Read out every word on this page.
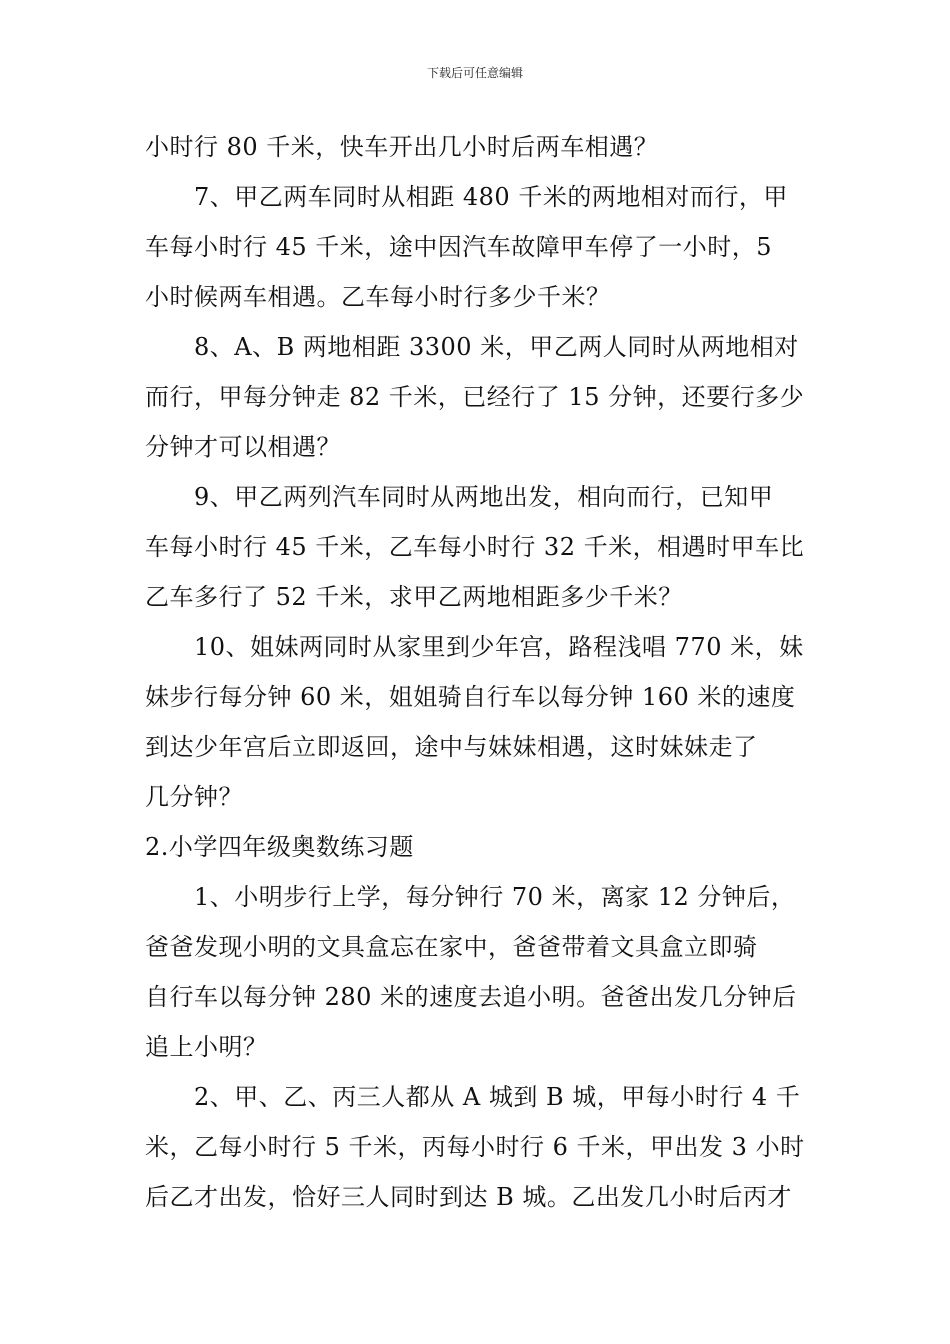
下载后可任意编辑
小时行 80 千米，快车开出几小时后两车相遇？
7、甲乙两车同时从相距 480 千米的两地相对而行，甲
车每小时行 45 千米，途中因汽车故障甲车停了一小时，5
小时候两车相遇。乙车每小时行多少千米？
8、A、B 两地相距 3300 米，甲乙两人同时从两地相对
而行，甲每分钟走 82 千米，已经行了 15 分钟，还要行多少
分钟才可以相遇？
9、甲乙两列汽车同时从两地出发，相向而行，已知甲
车每小时行 45 千米，乙车每小时行 32 千米，相遇时甲车比
乙车多行了 52 千米，求甲乙两地相距多少千米？
10、姐妹两同时从家里到少年宫，路程浅唱 770 米，妹
妹步行每分钟 60 米，姐姐骑自行车以每分钟 160 米的速度
到达少年宫后立即返回，途中与妹妹相遇，这时妹妹走了
几分钟？
2.小学四年级奥数练习题
1、小明步行上学，每分钟行 70 米，离家 12 分钟后，
爸爸发现小明的文具盒忘在家中，爸爸带着文具盒立即骑
自行车以每分钟 280 米的速度去追小明。爸爸出发几分钟后
追上小明？
2、甲、乙、丙三人都从 A 城到 B 城，甲每小时行 4 千
米，乙每小时行 5 千米，丙每小时行 6 千米，甲出发 3 小时
后乙才出发，恰好三人同时到达 B 城。乙出发几小时后丙才
